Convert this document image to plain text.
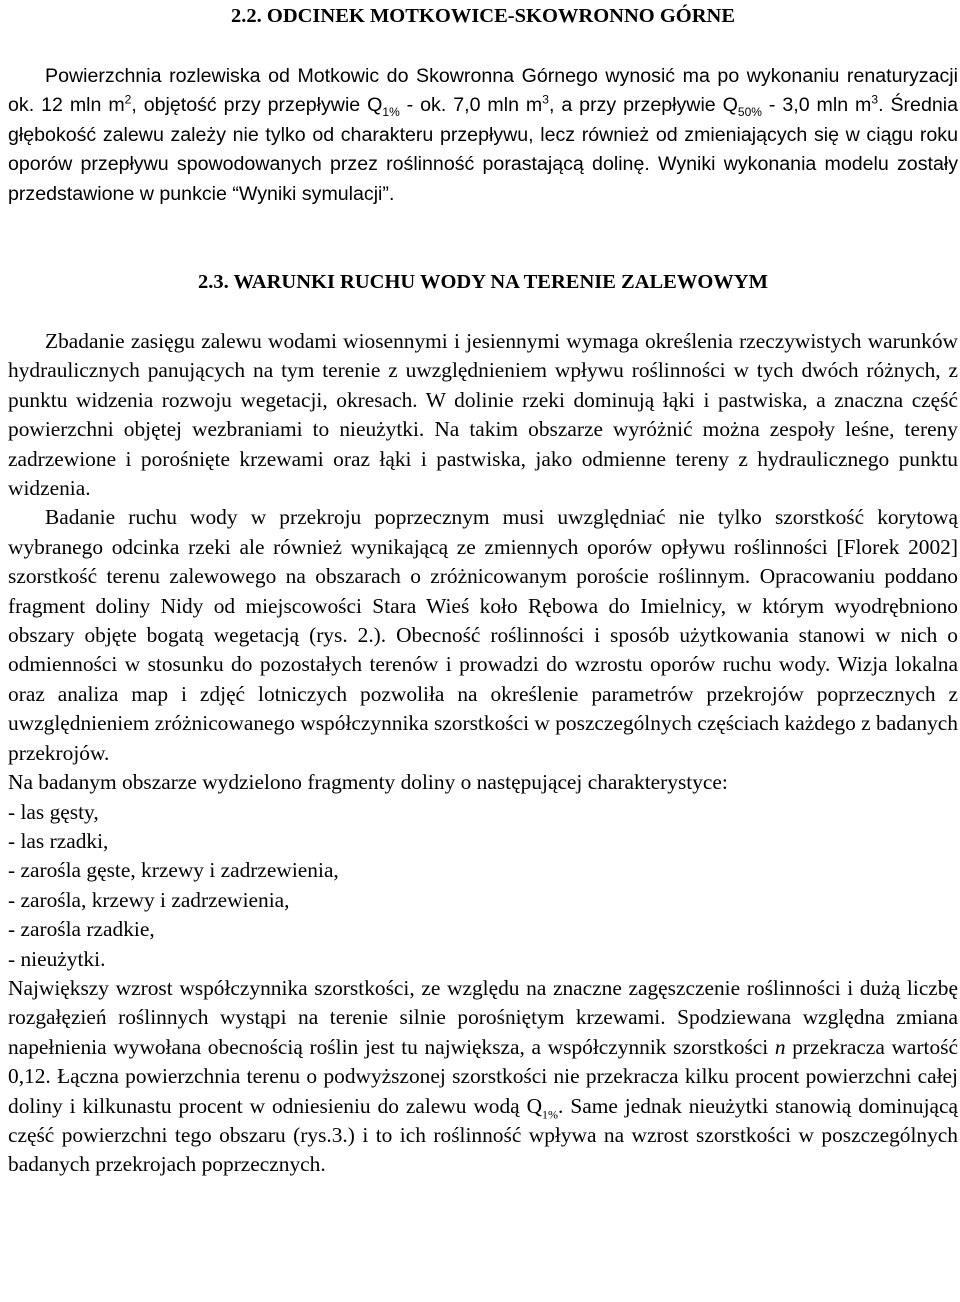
2.2. ODCINEK MOTKOWICE-SKOWRONNO GÓRNE

Powierzchnia rozlewiska od Motkowic do Skowronna Górnego wynosić ma po wykonaniu renaturyzacji ok. 12 mln $m^2$, objętość przy przepływie $Q_{1\%}$ - ok. 7,0 mln $m^3$, a przy przepływie $Q_{50\%} - 3,0$ mln $m^3$. Średnia głębokość zalewu zależy nie tylko od charakteru przepływu, lecz również od zmieniających się w ciągu roku oporów przepływu spowodowanych przez roślinność porastającą dolinę. Wyniki wykonania modelu zostały przedstawione w punkcie “Wyniki symulacji”.

2.3. WARUNKI RUCHU WODY NA TERENIE ZALEWOWYM

Zbadanie zasięgu zalewu wodami wiosennymi i jesiennymi wymaga określenia rzeczywistych warunków hydraulicznych panujących na tym terenie z uwzględnieniem wpływu roślinności w tych dwóch różnych, z punktu widzenia rozwoju wegetacji, okresach. W dolinie rzeki dominują łąki i pastwiska, a znaczna część powierzchni objętej wezbraniami to nieużytki. Na takim obszarze wyróżnić można zespoły leśne, tereny zadrzewione i porośnięte krzewami oraz łąki i pastwiska, jako odmienne tereny z hydraulicznego punktu widzenia.

Badanie ruchu wody w przekroju poprzecznym musi uwzględniać nie tylko szorstkość korytową wybranego odcinka rzeki ale również wynikającą ze zmiennych oporów opływu roślinności [Florek 2002] szorstkość terenu zalewowego na obszarach o zróżnicowanym poroście roślinnym. Opracowaniu poddano fragment doliny Nidy od miejscowości Stara Wieś koło Rębowa do Imielnicy, w którym wyodrębniono obszary objęte bogatą wegetacją (rys. 2.). Obecność roślinności i sposób użytkowania stanowi w nich o odmienności w stosunku do pozostałych terenów i prowadzi do wzrostu oporów ruchu wody. Wizja lokalna oraz analiza map i zdjęć lotniczych pozwoliła na określenie parametrów przekrojów poprzecznych z uwzględnieniem zróżnicowanego współczynnika szorstkości w poszczególnych częściach każdego z badanych przekrojów.

Na badanym obszarze wydzielono fragmenty doliny o następującej charakterystyce:

- las gęsty,
- las rzadki,
- zarośla gęste, krzewy i zadrzewienia,
- zarośla, krzewy i zadrzewienia,
- zarośla rzadkie,
- nieużytki.

Największy wzrost współczynnika szorstkości, ze względu na znaczne zagęszczenie roślinności i dużą liczbę rozgałęzień roślinnych wystąpi na terenie silnie porośniętym krzewami. Spodziewana względna zmiana napełnienia wywołana obecnością roślin jest tu największa, a współczynnik szorstkości n przekracza wartość 0,12. Łączna powierzchnia terenu o podwyższonej szorstkości nie przekracza kilku procent powierzchni całej doliny i kilkunastu procent w odniesieniu do zalewu wodą $Q_{1\%}$. Same jednak nieużytki stanowią dominującą część powierzchni tego obszaru (rys.3.) i to ich roślinność wpływa na wzrost szorstkości w poszczególnych badanych przekrojach poprzecznych.
